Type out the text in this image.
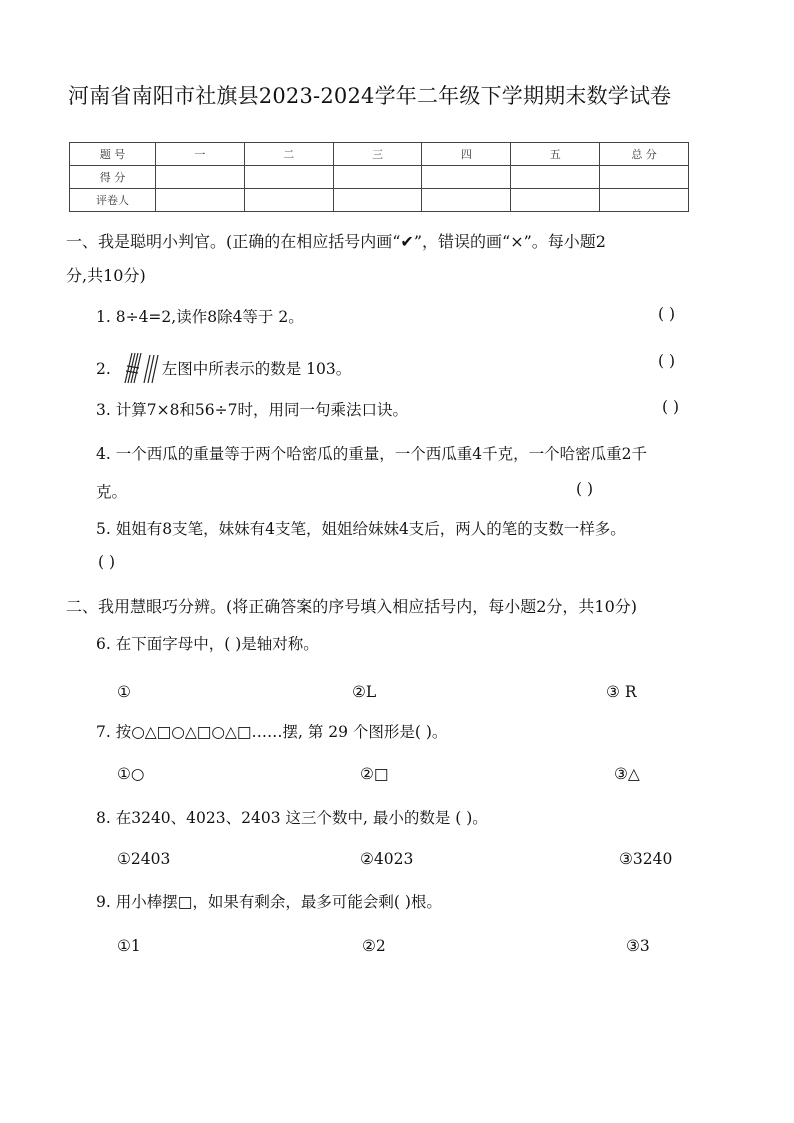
河南省南阳市社旗县2023-2024学年二年级下学期期末数学试卷
题 号	一	二	三	四	五	总 分
得 分						
评卷人						
一、我是聪明小判官。(正确的在相应括号内画“✔”，错误的画“×”。每小题2
分,共10分)
1. 8÷4=2,读作8除4等于 2。	( )
2.	左图中所表示的数是 103。	( )
3. 计算7×8和56÷7时，用同一句乘法口诀。	( )
4. 一个西瓜的重量等于两个哈密瓜的重量，一个西瓜重4千克，一个哈密瓜重2千
克。	( )
5. 姐姐有8支笔，妹妹有4支笔，姐姐给妹妹4支后，两人的笔的支数一样多。
( )
二、我用慧眼巧分辨。(将正确答案的序号填入相应括号内，每小题2分，共10分)
6. 在下面字母中，( )是轴对称。
①	②L	③ R
7. 按○△□○△□○△□……摆, 第 29 个图形是( )。
①○	②□	③△
8. 在3240、4023、2403 这三个数中, 最小的数是 ( )。
①2403	②4023	③3240
9. 用小棒摆□，如果有剩余，最多可能会剩( )根。
①1	②2	③3
